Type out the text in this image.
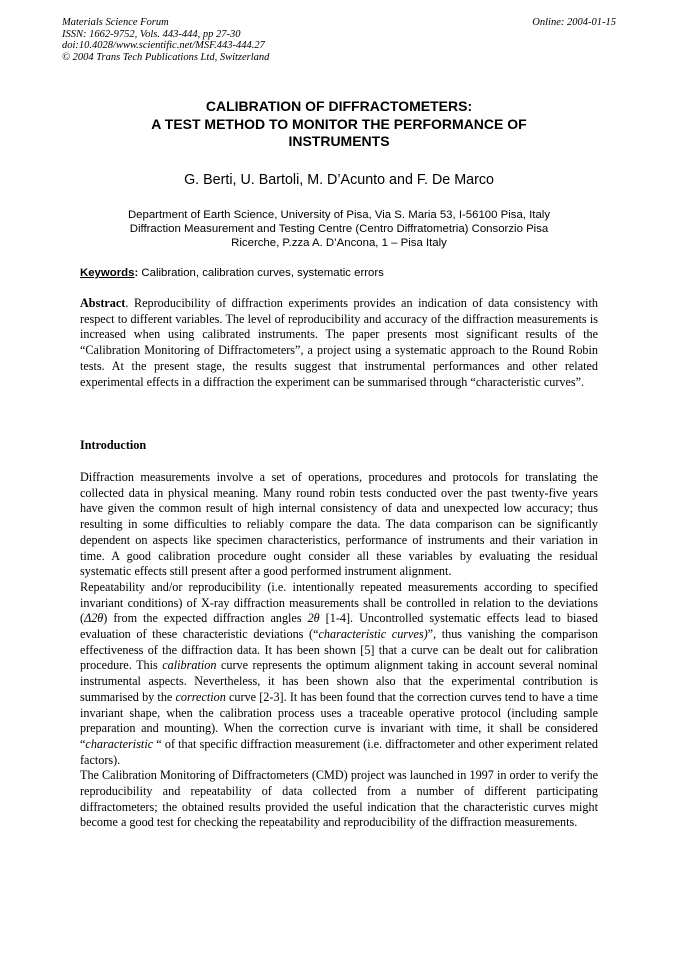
Materials Science Forum
ISSN: 1662-9752, Vols. 443-444, pp 27-30
doi:10.4028/www.scientific.net/MSF.443-444.27
© 2004 Trans Tech Publications Ltd, Switzerland
Online: 2004-01-15
CALIBRATION OF DIFFRACTOMETERS:
A TEST METHOD TO MONITOR THE PERFORMANCE OF
INSTRUMENTS
G. Berti, U. Bartoli, M. D’Acunto and F. De Marco
Department of Earth Science, University of Pisa, Via S. Maria 53, I-56100 Pisa, Italy
Diffraction Measurement and Testing Centre (Centro Diffratometria) Consorzio Pisa
Ricerche, P.zza A. D’Ancona, 1 – Pisa Italy
Keywords: Calibration, calibration curves, systematic errors
Abstract. Reproducibility of diffraction experiments provides an indication of data consistency with respect to different variables. The level of reproducibility and accuracy of the diffraction measurements is increased when using calibrated instruments. The paper presents most significant results of the “Calibration Monitoring of Diffractometers”, a project using a systematic approach to the Round Robin tests. At the present stage, the results suggest that instrumental performances and other related experimental effects in a diffraction the experiment can be summarised through “characteristic curves”.
Introduction

Diffraction measurements involve a set of operations, procedures and protocols for translating the collected data in physical meaning. Many round robin tests conducted over the past twenty-five years have given the common result of high internal consistency of data and unexpected low accuracy; thus resulting in some difficulties to reliably compare the data. The data comparison can be significantly dependent on aspects like specimen characteristics, performance of instruments and their variation in time. A good calibration procedure ought consider all these variables by evaluating the residual systematic effects still present after a good performed instrument alignment.

Repeatability and/or reproducibility (i.e. intentionally repeated measurements according to specified invariant conditions) of X-ray diffraction measurements shall be controlled in relation to the deviations (Δ2θ) from the expected diffraction angles 2θ [1-4]. Uncontrolled systematic effects lead to biased evaluation of these characteristic deviations (“characteristic curves)”, thus vanishing the comparison effectiveness of the diffraction data. It has been shown [5] that a curve can be dealt out for calibration procedure. This calibration curve represents the optimum alignment taking in account several nominal instrumental aspects. Nevertheless, it has been shown also that the experimental contribution is summarised by the correction curve [2-3]. It has been found that the correction curves tend to have a time invariant shape, when the calibration process uses a traceable operative protocol (including sample preparation and mounting). When the correction curve is invariant with time, it shall be considered “characteristic “ of that specific diffraction measurement (i.e. diffractometer and other experiment related factors).

The Calibration Monitoring of Diffractometers (CMD) project was launched in 1997 in order to verify the reproducibility and repeatability of data collected from a number of different participating diffractometers; the obtained results provided the useful indication that the characteristic curves might become a good test for checking the repeatability and reproducibility of the diffraction measurements.
